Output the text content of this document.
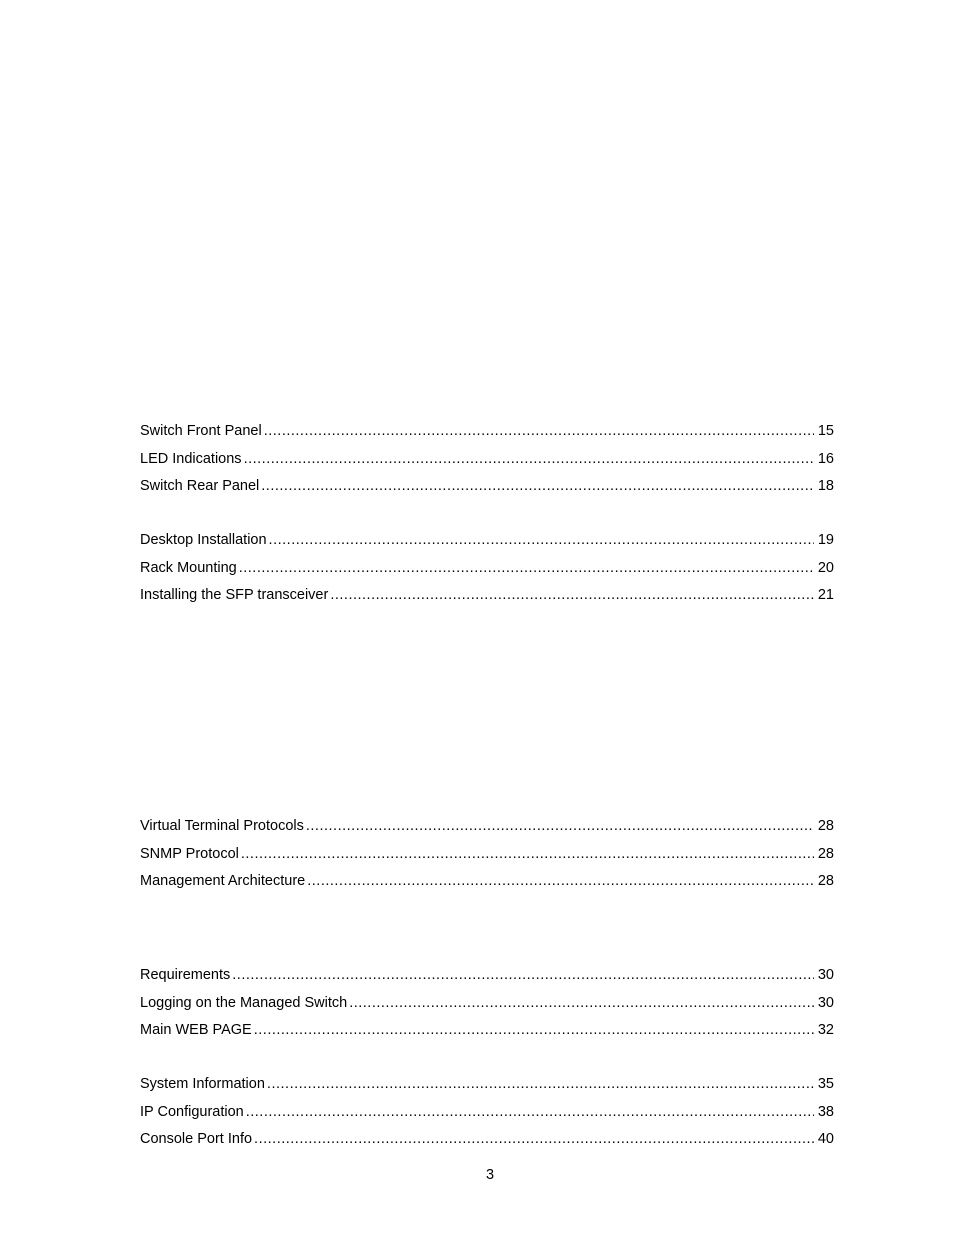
Switch Front Panel .....	15
LED Indications .....	16
Switch Rear Panel .....	18
Desktop Installation .....	19
Rack Mounting .....	20
Installing the SFP transceiver .....	21
Virtual Terminal Protocols .....	28
SNMP Protocol .....	28
Management Architecture .....	28
Requirements .....	30
Logging on the Managed Switch .....	30
Main WEB PAGE .....	32
System Information .....	35
IP Configuration .....	38
Console Port Info .....	40
3
